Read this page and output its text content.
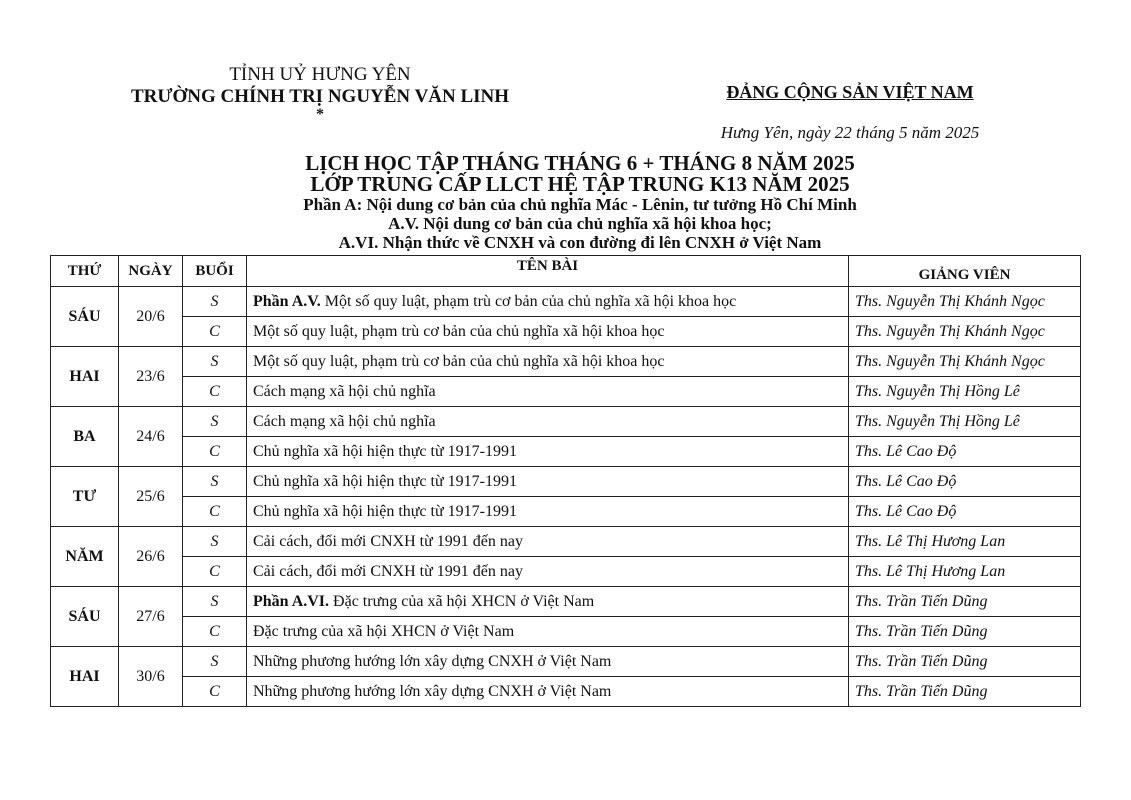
TỈNH UỶ HƯNG YÊN
TRƯỜNG CHÍNH TRỊ NGUYỄN VĂN LINH
*
ĐẢNG CỘNG SẢN VIỆT NAM
Hưng Yên, ngày 22 tháng 5 năm 2025
LỊCH HỌC TẬP THÁNG THÁNG 6 + THÁNG 8 NĂM 2025
LỚP TRUNG CẤP LLCT HỆ TẬP TRUNG K13 NĂM 2025
Phần A: Nội dung cơ bản của chủ nghĩa Mác - Lênin, tư tưởng Hồ Chí Minh
A.V. Nội dung cơ bản của chủ nghĩa xã hội khoa học;
A.VI. Nhận thức về CNXH và con đường đi lên CNXH ở Việt Nam
THỨ	NGÀY	BUỔI	TÊN BÀI	GIẢNG VIÊN
SÁU	20/6	S	Phần A.V. Một số quy luật, phạm trù cơ bản của chủ nghĩa xã hội khoa học	Ths. Nguyễn Thị Khánh Ngọc
		C	Một số quy luật, phạm trù cơ bản của chủ nghĩa xã hội khoa học	Ths. Nguyễn Thị Khánh Ngọc
HAI	23/6	S	Một số quy luật, phạm trù cơ bản của chủ nghĩa xã hội khoa học	Ths. Nguyễn Thị Khánh Ngọc
		C	Cách mạng xã hội chủ nghĩa	Ths. Nguyễn Thị Hồng Lê
BA	24/6	S	Cách mạng xã hội chủ nghĩa	Ths. Nguyễn Thị Hồng Lê
		C	Chủ nghĩa xã hội hiện thực từ 1917-1991	Ths. Lê Cao Độ
TƯ	25/6	S	Chủ nghĩa xã hội hiện thực từ 1917-1991	Ths. Lê Cao Độ
		C	Chủ nghĩa xã hội hiện thực từ 1917-1991	Ths. Lê Cao Độ
NĂM	26/6	S	Cải cách, đổi mới CNXH từ 1991 đến nay	Ths. Lê Thị Hương Lan
		C	Cải cách, đổi mới CNXH từ 1991 đến nay	Ths. Lê Thị Hương Lan
SÁU	27/6	S	Phần A.VI. Đặc trưng của xã hội XHCN ở Việt Nam	Ths. Trần Tiến Dũng
		C	Đặc trưng của xã hội XHCN ở Việt Nam	Ths. Trần Tiến Dũng
HAI	30/6	S	Những phương hướng lớn xây dựng CNXH ở Việt Nam	Ths. Trần Tiến Dũng
		C	Những phương hướng lớn xây dựng CNXH ở Việt Nam	Ths. Trần Tiến Dũng
